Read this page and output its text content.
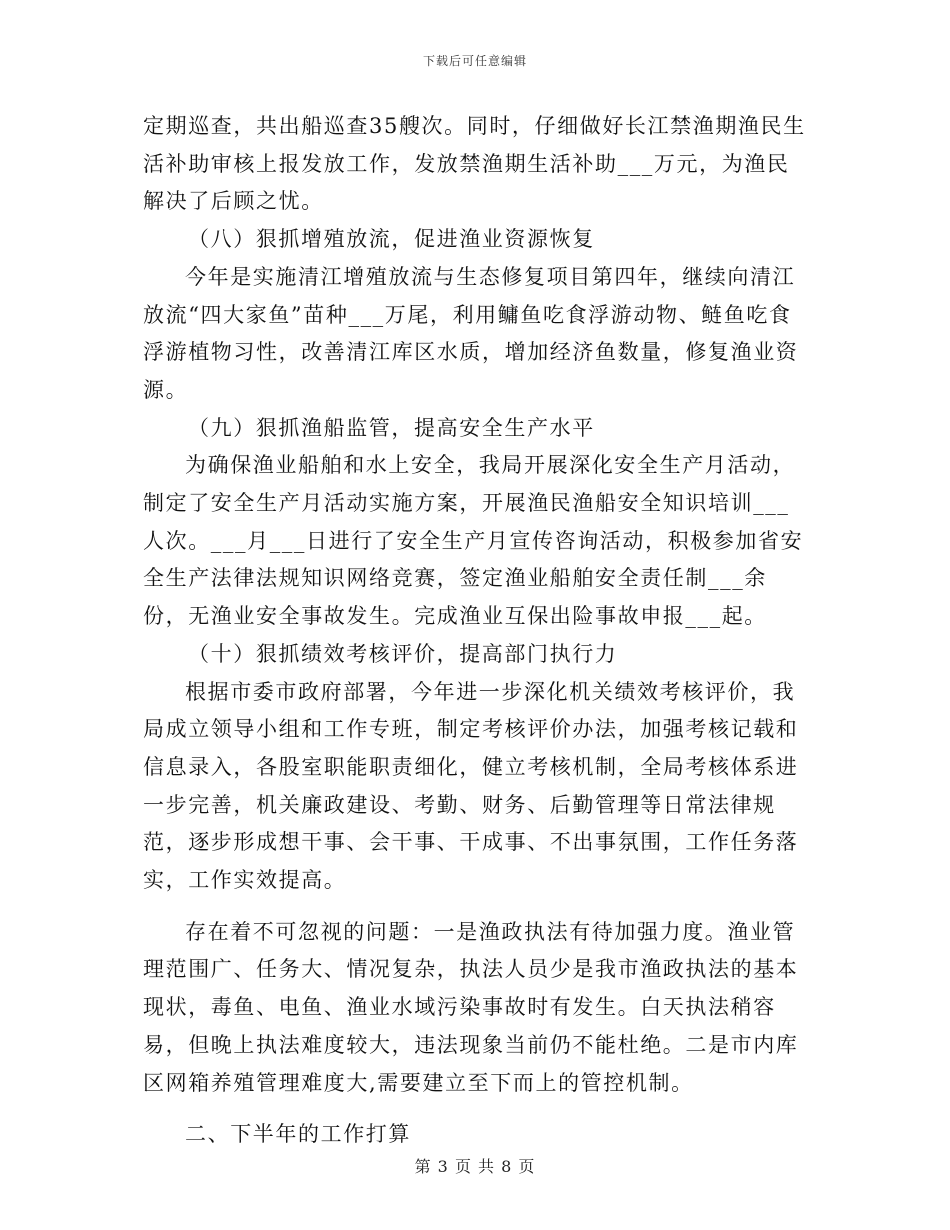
下载后可任意编辑

定期巡查，共出船巡查35艘次。同时，仔细做好长江禁渔期渔民生活补助审核上报发放工作，发放禁渔期生活补助___万元，为渔民解决了后顾之忧。

（八）狠抓增殖放流，促进渔业资源恢复

今年是实施清江增殖放流与生态修复项目第四年，继续向清江放流“四大家鱼”苗种___万尾，利用鳙鱼吃食浮游动物、鲢鱼吃食浮游植物习性，改善清江库区水质，增加经济鱼数量，修复渔业资源。

（九）狠抓渔船监管，提高安全生产水平

为确保渔业船舶和水上安全，我局开展深化安全生产月活动，制定了安全生产月活动实施方案，开展渔民渔船安全知识培训___人次。___月___日进行了安全生产月宣传咨询活动，积极参加省安全生产法律法规知识网络竞赛，签定渔业船舶安全责任制___余份，无渔业安全事故发生。完成渔业互保出险事故申报___起。

（十）狠抓绩效考核评价，提高部门执行力

根据市委市政府部署，今年进一步深化机关绩效考核评价，我局成立领导小组和工作专班，制定考核评价办法，加强考核记载和信息录入，各股室职能职责细化，健立考核机制，全局考核体系进一步完善，机关廉政建设、考勤、财务、后勤管理等日常法律规范，逐步形成想干事、会干事、干成事、不出事氛围，工作任务落实，工作实效提高。

存在着不可忽视的问题：一是渔政执法有待加强力度。渔业管理范围广、任务大、情况复杂，执法人员少是我市渔政执法的基本现状，毒鱼、电鱼、渔业水域污染事故时有发生。白天执法稍容易，但晚上执法难度较大，违法现象当前仍不能杜绝。二是市内库区网箱养殖管理难度大,需要建立至下而上的管控机制。

二、下半年的工作打算

第 3 页 共 8 页
